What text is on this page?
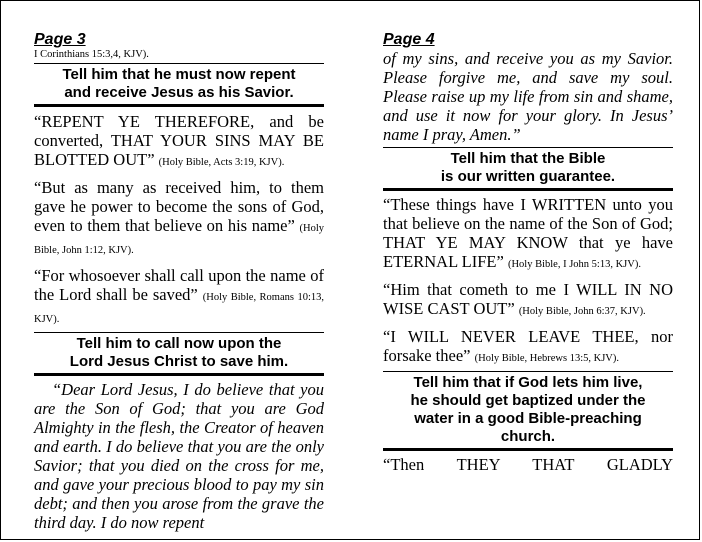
Page 3
I Corinthians 15:3,4, KJV).
Tell him that he must now repent
and receive Jesus as his Savior.

“REPENT YE THEREFORE, and be converted, THAT YOUR SINS MAY BE BLOTTED OUT” (Holy Bible, Acts 3:19, KJV).

“But as many as received him, to them gave he power to become the sons of God, even to them that believe on his name” (Holy Bible, John 1:12, KJV).

“For whosoever shall call upon the name of the Lord shall be saved” (Holy Bible, Romans 10:13, KJV).

Tell him to call now upon the
Lord Jesus Christ to save him.

“Dear Lord Jesus, I do believe that you are the Son of God; that you are God Almighty in the flesh, the Creator of heaven and earth. I do believe that you are the only Savior; that you died on the cross for me, and gave your precious blood to pay my sin debt; and then you arose from the grave the third day. I do now repent

Page 4

of my sins, and receive you as my Savior. Please forgive me, and save my soul. Please raise up my life from sin and shame, and use it now for your glory. In Jesus’ name I pray, Amen.”

Tell him that the Bible
is our written guarantee.

“These things have I WRITTEN unto you that believe on the name of the Son of God; THAT YE MAY KNOW that ye have ETERNAL LIFE” (Holy Bible, I John 5:13, KJV).

“Him that cometh to me I WILL IN NO WISE CAST OUT” (Holy Bible, John 6:37, KJV).

“I WILL NEVER LEAVE THEE, nor forsake thee” (Holy Bible, Hebrews 13:5, KJV).

Tell him that if God lets him live,
he should get baptized under the
water in a good Bible-preaching
church.

“Then THEY THAT GLADLY
